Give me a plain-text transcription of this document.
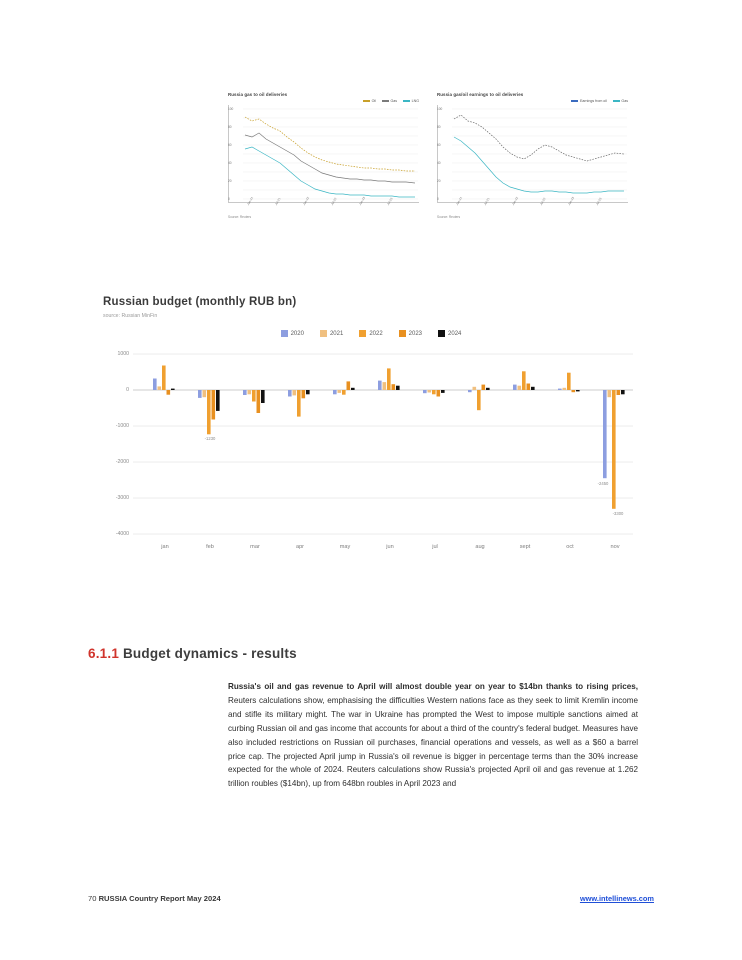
Russia gas to oil deliveries
Oil	Gas	LNG
100
80
60
40
20
0	Jan-21	Jul-21	Jan-22	Jul-22	Jan-23	Jul-23
Source: Reuters
Russia gas/oil earnings to oil deliveries
Earnings from oil	Gas
100
80
60
40
20
0	Jan-21	Jul-21	Jan-22	Jul-22	Jan-23	Jul-23
Source: Reuters
Russian budget (monthly RUB bn)
source: Russian MinFin
2020	2021	2022	2023	2024
1000
0
-1000
-2000
-3000
-4000
-1230
-3300
-2450
jan	feb	mar	apr	may	jun	jul	aug	sept	oct	nov
6.1.1 Budget dynamics - results
Russia's oil and gas revenue to April will almost double year on year to $14bn thanks to rising prices, Reuters calculations show, emphasising the difficulties Western nations face as they seek to limit Kremlin income and stifle its military might. The war in Ukraine has prompted the West to impose multiple sanctions aimed at curbing Russian oil and gas income that accounts for about a third of the country's federal budget. Measures have also included restrictions on Russian oil purchases, financial operations and vessels, as well as a $60 a barrel price cap. The projected April jump in Russia's oil revenue is bigger in percentage terms than the 30% increase expected for the whole of 2024. Reuters calculations show Russia's projected April oil and gas revenue at 1.262 trillion roubles ($14bn), up from 648bn roubles in April 2023 and
70 RUSSIA Country Report May 2024	www.intellinews.com
